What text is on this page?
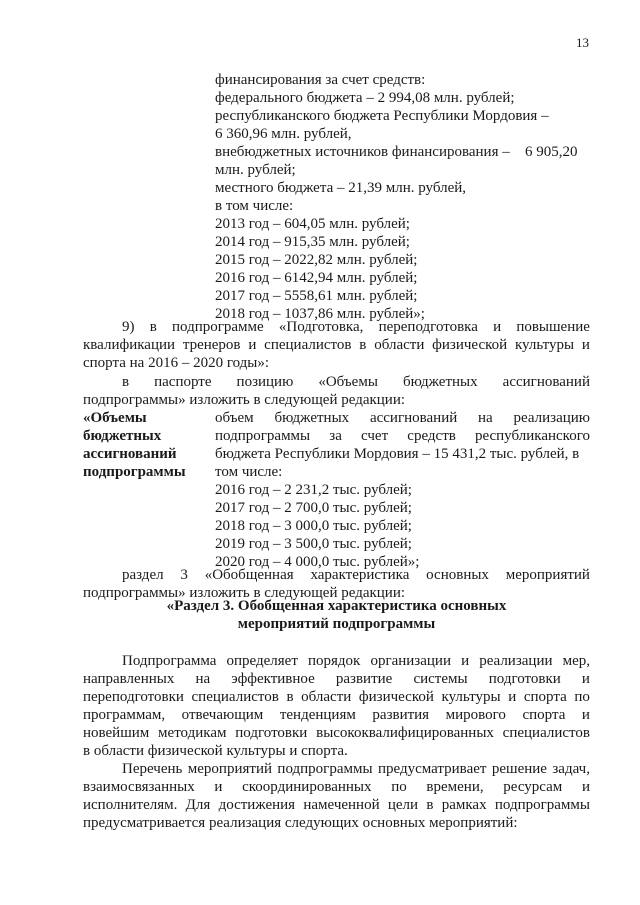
13
финансирования за счет средств:
федерального бюджета – 2 994,08 млн. рублей;
республиканского бюджета Республики Мордовия –
6 360,96 млн. рублей,
внебюджетных источников финансирования – 6 905,20
млн. рублей;
местного бюджета – 21,39 млн. рублей,
в том числе:
2013 год – 604,05 млн. рублей;
2014 год – 915,35 млн. рублей;
2015 год – 2022,82 млн. рублей;
2016 год – 6142,94 млн. рублей;
2017 год – 5558,61 млн. рублей;
2018 год – 1037,86 млн. рублей»;
9) в подпрограмме «Подготовка, переподготовка и повышение
квалификации тренеров и специалистов в области физической культуры и
спорта на 2016 – 2020 годы»:
в паспорте позицию «Объемы бюджетных ассигнований
подпрограммы» изложить в следующей редакции:
«Объемы
бюджетных
ассигнований
подпрограммы
объем бюджетных ассигнований на реализацию
подпрограммы за счет средств республиканского
бюджета Республики Мордовия – 15 431,2 тыс. рублей, в
том числе:
2016 год – 2 231,2 тыс. рублей;
2017 год – 2 700,0 тыс. рублей;
2018 год – 3 000,0 тыс. рублей;
2019 год – 3 500,0 тыс. рублей;
2020 год – 4 000,0 тыс. рублей»;
раздел 3 «Обобщенная характеристика основных мероприятий
подпрограммы» изложить в следующей редакции:
«Раздел 3. Обобщенная характеристика основных
мероприятий подпрограммы
Подпрограмма определяет порядок организации и реализации мер,
направленных на эффективное развитие системы подготовки и
переподготовки специалистов в области физической культуры и спорта по
программам, отвечающим тенденциям развития мирового спорта и
новейшим методикам подготовки высококвалифицированных специалистов
в области физической культуры и спорта.
Перечень мероприятий подпрограммы предусматривает решение задач,
взаимосвязанных и скоординированных по времени, ресурсам и
исполнителям. Для достижения намеченной цели в рамках подпрограммы
предусматривается реализация следующих основных мероприятий:
